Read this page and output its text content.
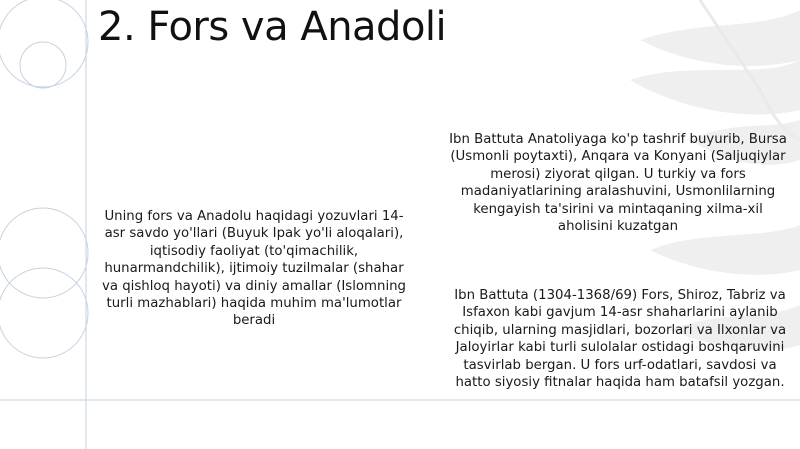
2. Fors va Anadoli
Uning fors va Anadolu haqidagi yozuvlari 14-asr savdo yo'llari (Buyuk Ipak yo'li aloqalari), iqtisodiy faoliyat (to'qimachilik, hunarmandchilik), ijtimoiy tuzilmalar (shahar va qishloq hayoti) va diniy amallar (Islomning turli mazhablari) haqida muhim ma'lumotlar beradi
Ibn Battuta Anatoliyaga ko'p tashrif buyurib, Bursa (Usmonli poytaxti), Anqara va Konyani (Saljuqiylar merosi) ziyorat qilgan. U turkiy va fors madaniyatlarining aralashuvini, Usmonlilarning kengayish ta'sirini va mintaqaning xilma-xil aholisini kuzatgan
Ibn Battuta (1304-1368/69) Fors, Shiroz, Tabriz va Isfaxon kabi gavjum 14-asr shaharlarini aylanib chiqib, ularning masjidlari, bozorlari va Ilxonlar va Jaloyirlar kabi turli sulolalar ostidagi boshqaruvini tasvirlab bergan. U fors urf-odatlari, savdosi va hatto siyosiy fitnalar haqida ham batafsil yozgan.
